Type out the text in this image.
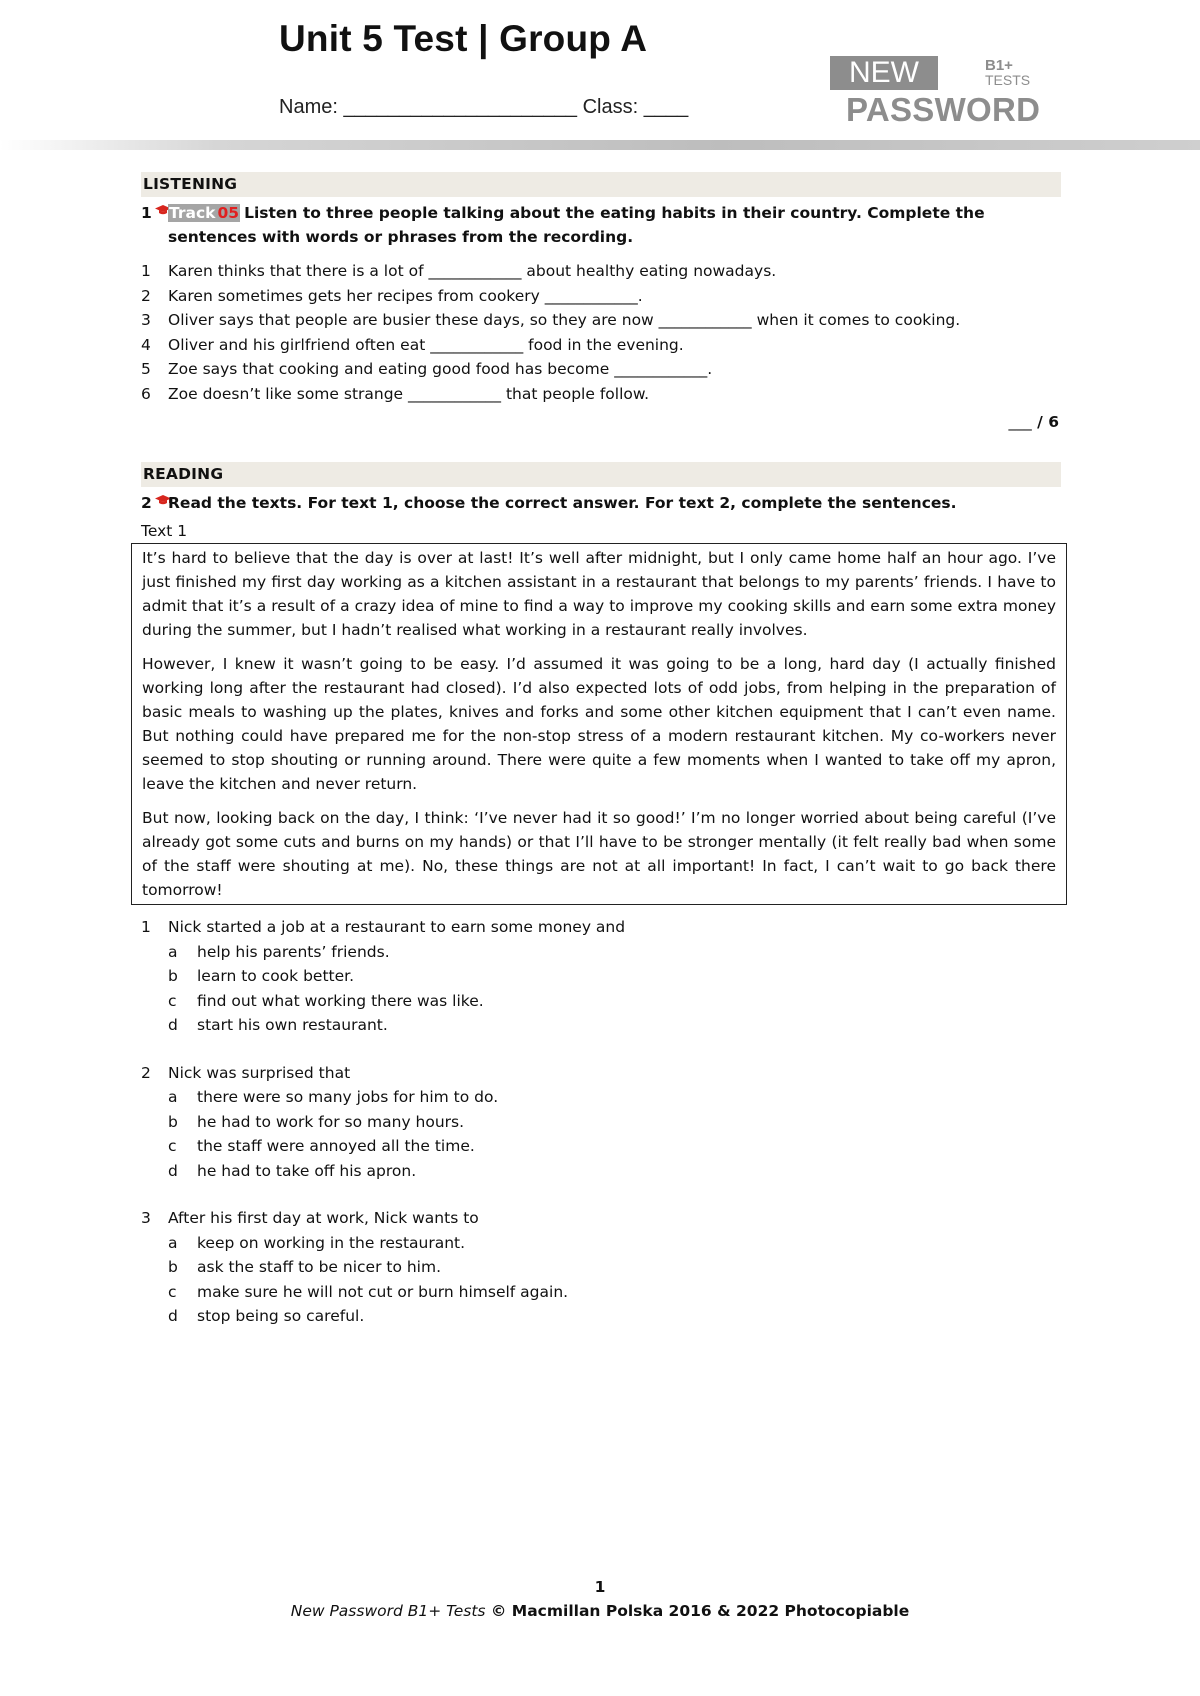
Unit 5 Test | Group A
Name: _____________________ Class: ____
NEW	B1+
TESTS
PASSWORD
LISTENING
1	Track 05 Listen to three people talking about the eating habits in their country. Complete the sentences with words or phrases from the recording.
1	Karen thinks that there is a lot of ____________ about healthy eating nowadays.
2	Karen sometimes gets her recipes from cookery ____________.
3	Oliver says that people are busier these days, so they are now ____________ when it comes to cooking.
4	Oliver and his girlfriend often eat ____________ food in the evening.
5	Zoe says that cooking and eating good food has become ____________.
6	Zoe doesn’t like some strange ____________ that people follow.
___ / 6
READING
2	Read the texts. For text 1, choose the correct answer. For text 2, complete the sentences.
Text 1

It’s hard to believe that the day is over at last! It’s well after midnight, but I only came home half an hour ago. I’ve just finished my first day working as a kitchen assistant in a restaurant that belongs to my parents’ friends. I have to admit that it’s a result of a crazy idea of mine to find a way to improve my cooking skills and earn some extra money during the summer, but I hadn’t realised what working in a restaurant really involves.

However, I knew it wasn’t going to be easy. I’d assumed it was going to be a long, hard day (I actually finished working long after the restaurant had closed). I’d also expected lots of odd jobs, from helping in the preparation of basic meals to washing up the plates, knives and forks and some other kitchen equipment that I can’t even name. But nothing could have prepared me for the non-stop stress of a modern restaurant kitchen. My co-workers never seemed to stop shouting or running around. There were quite a few moments when I wanted to take off my apron, leave the kitchen and never return.

But now, looking back on the day, I think: ‘I’ve never had it so good!’ I’m no longer worried about being careful (I’ve already got some cuts and burns on my hands) or that I’ll have to be stronger mentally (it felt really bad when some of the staff were shouting at me). No, these things are not at all important! In fact, I can’t wait to go back there tomorrow!

1	Nick started a job at a restaurant to earn some money and
a	help his parents’ friends.
b	learn to cook better.
c	find out what working there was like.
d	start his own restaurant.
2	Nick was surprised that
a	there were so many jobs for him to do.
b	he had to work for so many hours.
c	the staff were annoyed all the time.
d	he had to take off his apron.
3	After his first day at work, Nick wants to
a	keep on working in the restaurant.
b	ask the staff to be nicer to him.
c	make sure he will not cut or burn himself again.
d	stop being so careful.
1
New Password B1+ Tests © Macmillan Polska 2016 & 2022 Photocopiable
